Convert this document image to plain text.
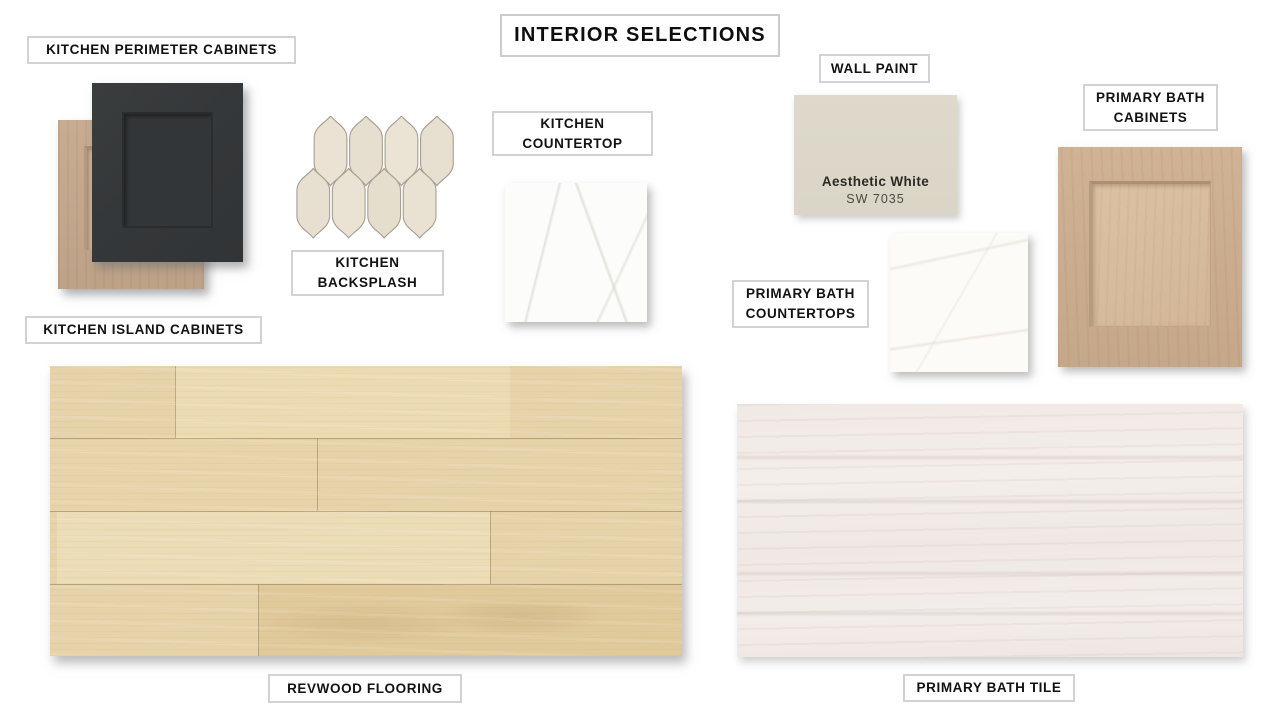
INTERIOR SELECTIONS
KITCHEN PERIMETER CABINETS
KITCHEN ISLAND CABINETS
KITCHEN BACKSPLASH
KITCHEN COUNTERTOP
WALL PAINT
Aesthetic White
SW 7035
PRIMARY BATH CABINETS
PRIMARY BATH COUNTERTOPS
REVWOOD FLOORING	PRIMARY BATH TILE
